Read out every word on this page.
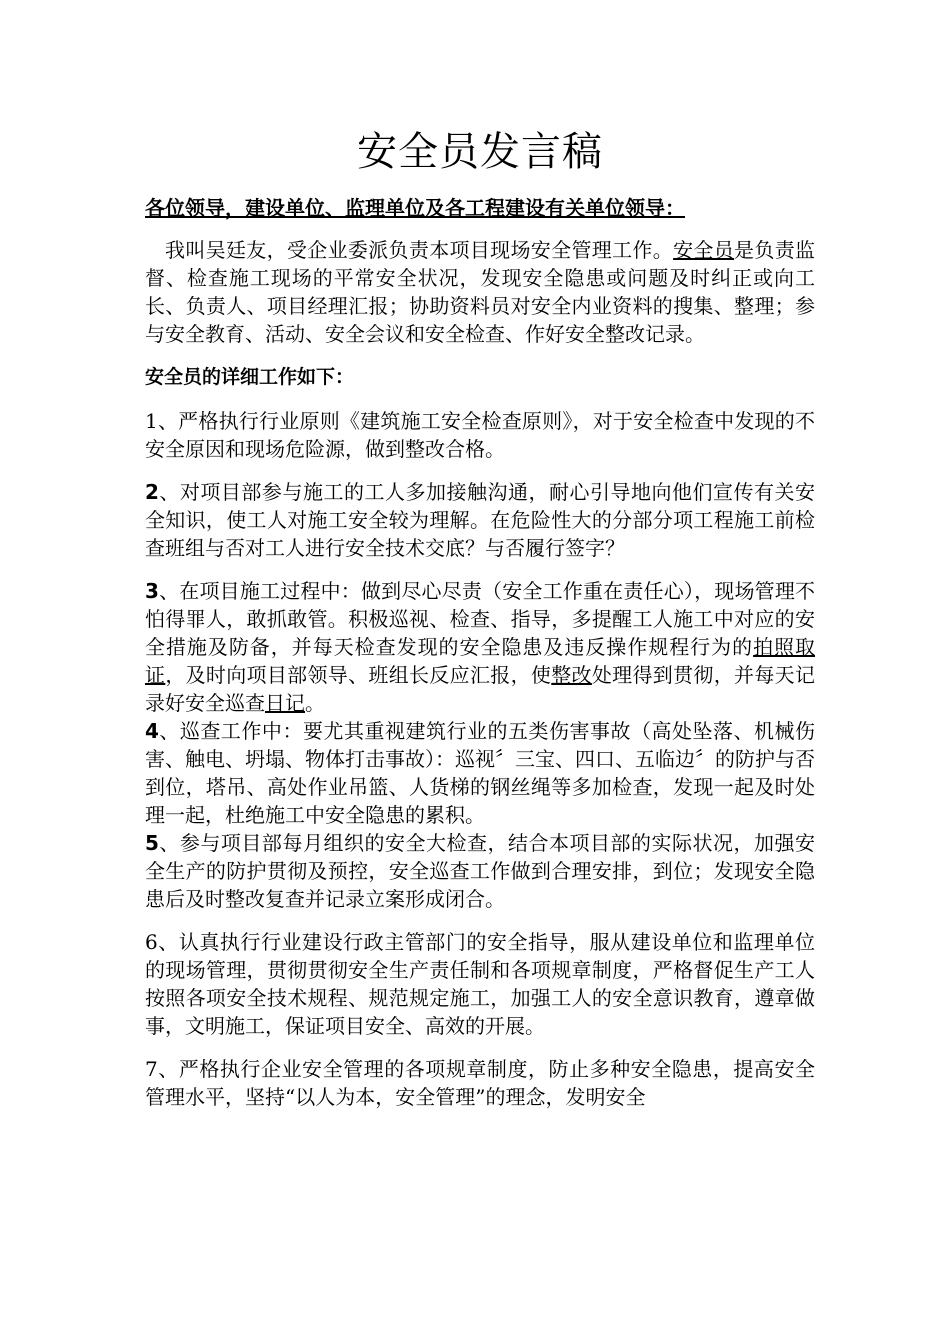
安全员发言稿
各位领导，建设单位、监理单位及各工程建设有关单位领导：

我叫吴廷友，受企业委派负责本项目现场安全管理工作。安全员是负责监督、检查施工现场的平常安全状况，发现安全隐患或问题及时纠正或向工长、负责人、项目经理汇报；协助资料员对安全内业资料的搜集、整理；参与安全教育、活动、安全会议和安全检查、作好安全整改记录。

安全员的详细工作如下：

1、严格执行行业原则《建筑施工安全检查原则》，对于安全检查中发现的不安全原因和现场危险源，做到整改合格。

2、对项目部参与施工的工人多加接触沟通，耐心引导地向他们宣传有关安全知识，使工人对施工安全较为理解。在危险性大的分部分项工程施工前检查班组与否对工人进行安全技术交底？与否履行签字？

3、在项目施工过程中：做到尽心尽责（安全工作重在责任心），现场管理不怕得罪人，敢抓敢管。积极巡视、检查、指导，多提醒工人施工中对应的安全措施及防备，并每天检查发现的安全隐患及违反操作规程行为的拍照取证，及时向项目部领导、班组长反应汇报，使整改处理得到贯彻，并每天记录好安全巡查日记。

4、巡查工作中：要尤其重视建筑行业的五类伤害事故（高处坠落、机械伤害、触电、坍塌、物体打击事故）：巡视〞三宝、四口、五临边〞的防护与否到位，塔吊、高处作业吊篮、人货梯的钢丝绳等多加检查，发现一起及时处理一起，杜绝施工中安全隐患的累积。

5、参与项目部每月组织的安全大检查，结合本项目部的实际状况，加强安全生产的防护贯彻及预控，安全巡查工作做到合理安排，到位；发现安全隐患后及时整改复查并记录立案形成闭合。

6、认真执行行业建设行政主管部门的安全指导，服从建设单位和监理单位的现场管理，贯彻贯彻安全生产责任制和各项规章制度，严格督促生产工人按照各项安全技术规程、规范规定施工，加强工人的安全意识教育，遵章做事，文明施工，保证项目安全、高效的开展。

7、严格执行企业安全管理的各项规章制度，防止多种安全隐患，提高安全管理水平，坚持“以人为本，安全管理”的理念，发明安全
